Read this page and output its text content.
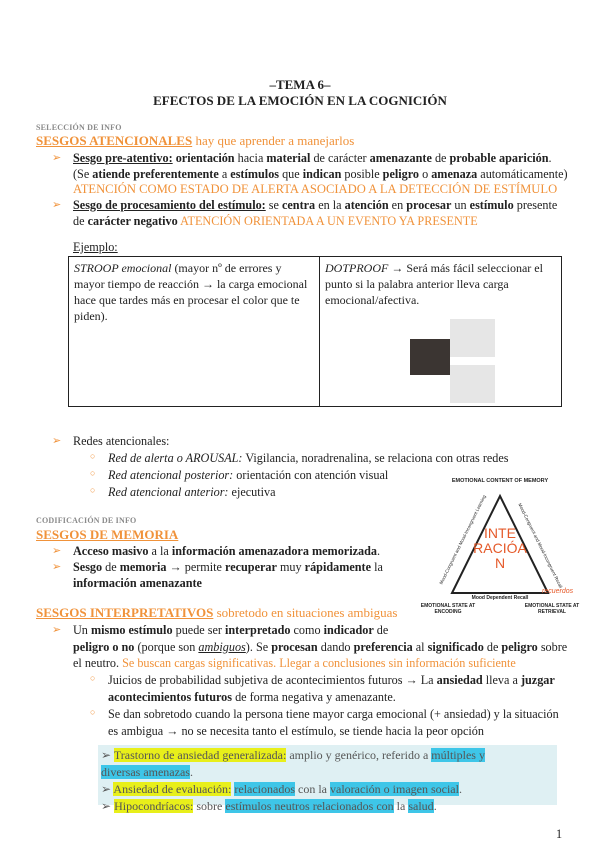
–TEMA 6–
EFECTOS DE LA EMOCIÓN EN LA COGNICIÓN
SELECCIÓN DE INFO
SESGOS ATENCIONALES hay que aprender a manejarlos
➢ Sesgo pre-atentivo: orientación hacia material de carácter amenazante de probable aparición.
(Se atiende preferentemente a estímulos que indican posible peligro o amenaza automáticamente)
ATENCIÓN COMO ESTADO DE ALERTA ASOCIADO A LA DETECCIÓN DE ESTÍMULO
➢ Sesgo de procesamiento del estímulo: se centra en la atención en procesar un estímulo presente
de carácter negativo ATENCIÓN ORIENTADA A UN EVENTO YA PRESENTE
Ejemplo:
STROOP emocional (mayor nº de errores y mayor tiempo de reacción → la carga emocional hace que tardes más en procesar el color que te piden).	
DOTPROOF → Será más fácil seleccionar el punto si la palabra anterior lleva carga emocional/afectiva.
➢ Redes atencionales:
○ Red de alerta o AROUSAL: Vigilancia, noradrenalina, se relaciona con otras redes
○ Red atencional posterior: orientación con atención visual
○ Red atencional anterior: ejecutiva
CODIFICACIÓN DE INFO
SESGOS DE MEMORIA
➢ Acceso masivo a la información amenazadora memorizada.
➢ Sesgo de memoria → permite recuperar muy rápidamente la
información amenazante
EMOTIONAL CONTENT OF MEMORY
Mood-Congruent and Mood-Incongruent Learning	Mood-Congruent and Mood-Incongruent Recall
Mood Dependent Recall
EMOTIONAL STATE AT ENCODING
EMOTIONAL STATE AT RETRIEVAL
recuerdos
INTE
RACIÓA
N
SESGOS INTERPRETATIVOS sobretodo en situaciones ambiguas
➢ Un mismo estímulo puede ser interpretado como indicador de
peligro o no (porque son ambiguos). Se procesan dando preferencia al significado de peligro sobre
el neutro. Se buscan cargas significativas. Llegar a conclusiones sin información suficiente
○ Juicios de probabilidad subjetiva de acontecimientos futuros → La ansiedad lleva a juzgar
acontecimientos futuros de forma negativa y amenazante.
○ Se dan sobretodo cuando la persona tiene mayor carga emocional (+ ansiedad) y la situación
es ambigua → no se necesita tanto el estímulo, se tiende hacia la peor opción
➢ Trastorno de ansiedad generalizada: amplio y genérico, referido a múltiples y
diversas amenazas.
➢ Ansiedad de evaluación: relacionados con la valoración o imagen social.
➢ Hipocondríacos: sobre estímulos neutros relacionados con la salud.
1
